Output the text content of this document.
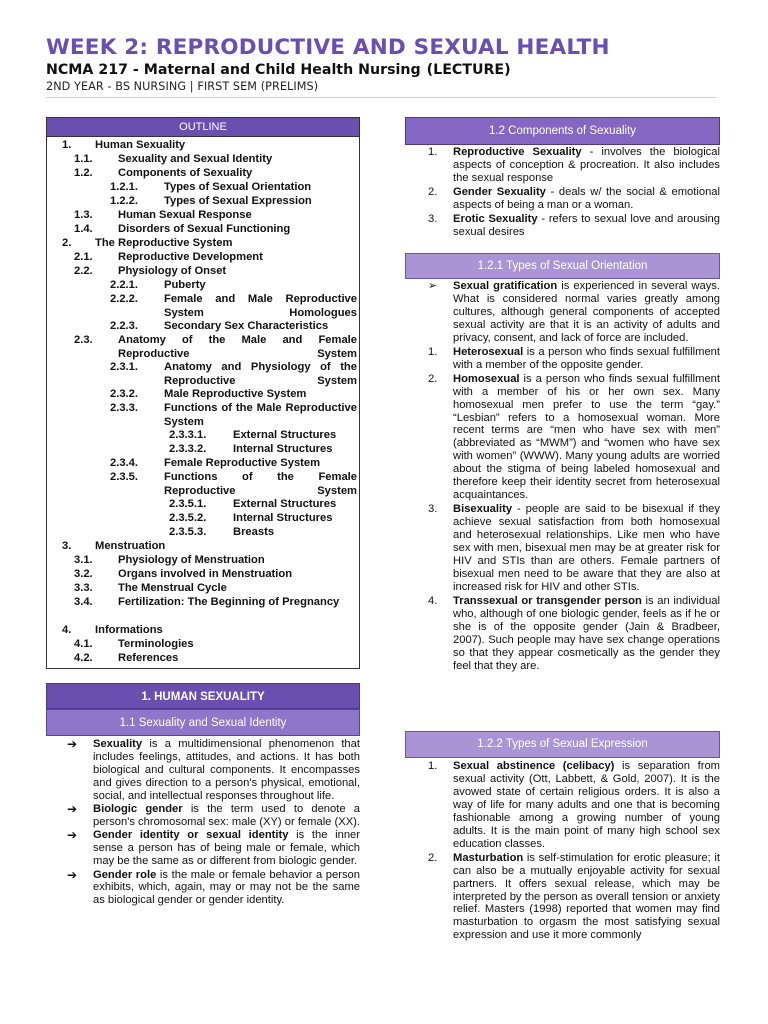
WEEK 2: REPRODUCTIVE AND SEXUAL HEALTH
NCMA 217 - Maternal and Child Health Nursing (LECTURE)
2ND YEAR - BS NURSING | FIRST SEM (PRELIMS)
OUTLINE
1. Human Sexuality
1.1. Sexuality and Sexual Identity
1.2. Components of Sexuality
1.2.1. Types of Sexual Orientation
1.2.2. Types of Sexual Expression
1.3. Human Sexual Response
1.4. Disorders of Sexual Functioning
2. The Reproductive System
2.1. Reproductive Development
2.2. Physiology of Onset
2.2.1. Puberty
2.2.2. Female and Male Reproductive System Homologues
2.2.3. Secondary Sex Characteristics
2.3. Anatomy of the Male and Female Reproductive System
2.3.1. Anatomy and Physiology of the Reproductive System
2.3.2. Male Reproductive System
2.3.3. Functions of the Male Reproductive System
2.3.3.1. External Structures
2.3.3.2. Internal Structures
2.3.4. Female Reproductive System
2.3.5. Functions of the Female Reproductive System
2.3.5.1. External Structures
2.3.5.2. Internal Structures
2.3.5.3. Breasts
3. Menstruation
3.1. Physiology of Menstruation
3.2. Organs involved in Menstruation
3.3. The Menstrual Cycle
3.4. Fertilization: The Beginning of Pregnancy
4. Informations
4.1. Terminologies
4.2. References
1. HUMAN SEXUALITY
1.1 Sexuality and Sexual Identity
➔ Sexuality is a multidimensional phenomenon that includes feelings, attitudes, and actions. It has both biological and cultural components. It encompasses and gives direction to a person's physical, emotional, social, and intellectual responses throughout life.
➔ Biologic gender is the term used to denote a person's chromosomal sex: male (XY) or female (XX).
➔ Gender identity or sexual identity is the inner sense a person has of being male or female, which may be the same as or different from biologic gender.
➔ Gender role is the male or female behavior a person exhibits, which, again, may or may not be the same as biological gender or gender identity.
1.2 Components of Sexuality
1. Reproductive Sexuality - involves the biological aspects of conception & procreation. It also includes the sexual response
2. Gender Sexuality - deals w/ the social & emotional aspects of being a man or a woman.
3. Erotic Sexuality - refers to sexual love and arousing sexual desires
1.2.1 Types of Sexual Orientation
➢ Sexual gratification is experienced in several ways. What is considered normal varies greatly among cultures, although general components of accepted sexual activity are that it is an activity of adults and privacy, consent, and lack of force are included.
1. Heterosexual is a person who finds sexual fulfillment with a member of the opposite gender.
2. Homosexual is a person who finds sexual fulfillment with a member of his or her own sex. Many homosexual men prefer to use the term “gay.” “Lesbian” refers to a homosexual woman. More recent terms are “men who have sex with men” (abbreviated as “MWM”) and “women who have sex with women” (WWW). Many young adults are worried about the stigma of being labeled homosexual and therefore keep their identity secret from heterosexual acquaintances.
3. Bisexuality - people are said to be bisexual if they achieve sexual satisfaction from both homosexual and heterosexual relationships. Like men who have sex with men, bisexual men may be at greater risk for HIV and STIs than are others. Female partners of bisexual men need to be aware that they are also at increased risk for HIV and other STIs.
4. Transsexual or transgender person is an individual who, although of one biologic gender, feels as if he or she is of the opposite gender (Jain & Bradbeer, 2007). Such people may have sex change operations so that they appear cosmetically as the gender they feel that they are.
1.2.2 Types of Sexual Expression
1. Sexual abstinence (celibacy) is separation from sexual activity (Ott, Labbett, & Gold, 2007). It is the avowed state of certain religious orders. It is also a way of life for many adults and one that is becoming fashionable among a growing number of young adults. It is the main point of many high school sex education classes.
2. Masturbation is self-stimulation for erotic pleasure; it can also be a mutually enjoyable activity for sexual partners. It offers sexual release, which may be interpreted by the person as overall tension or anxiety relief. Masters (1998) reported that women may find masturbation to orgasm the most satisfying sexual expression and use it more commonly
